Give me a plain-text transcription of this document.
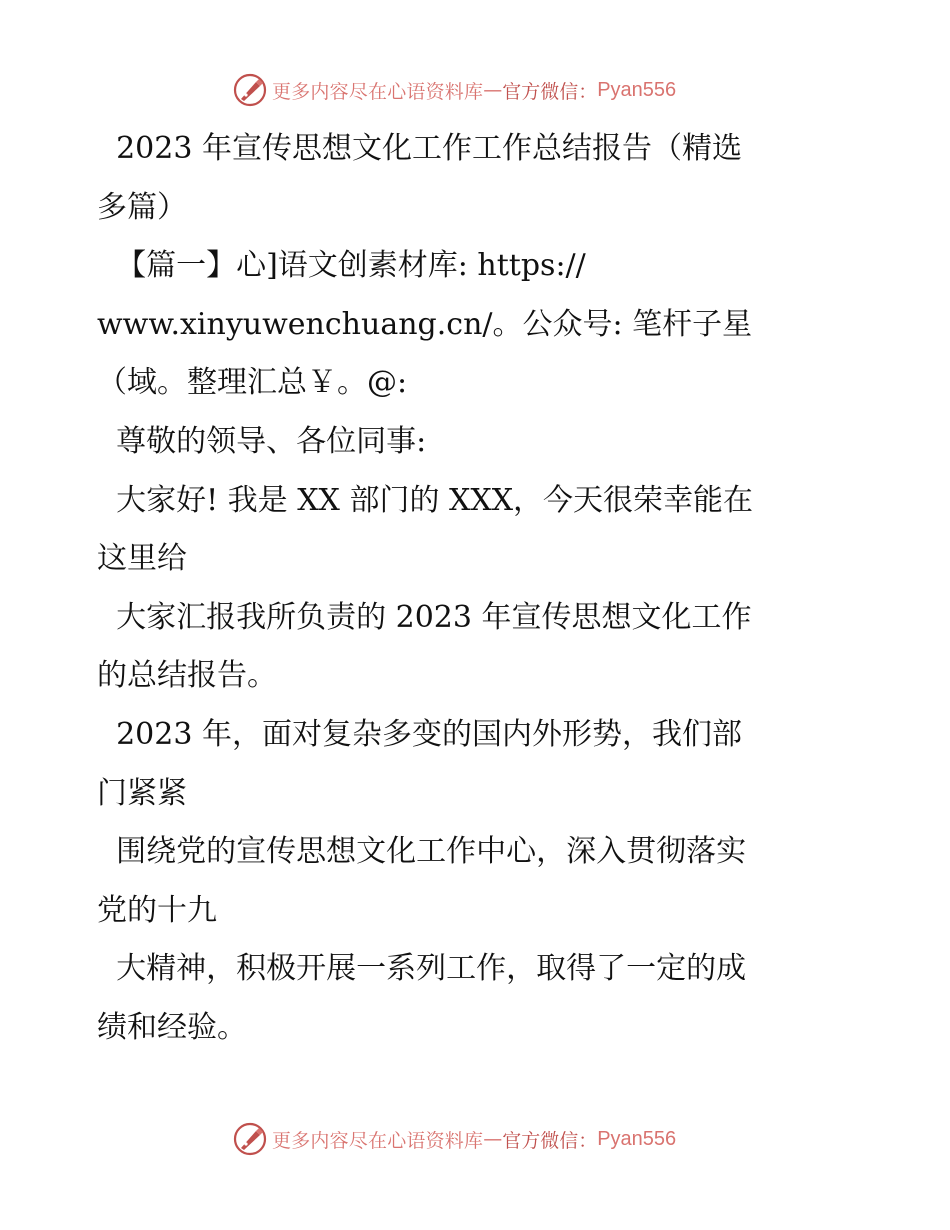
更多内容尽在心语资料库 — 官方微信： Pyan556

2023 年宣传思想文化工作工作总结报告（精选

多篇）

【篇一】心]语文创素材库: https://

www.xinyuwenchuang.cn/。公众号: 笔杆子星

（域。整理汇总￥。@:

尊敬的领导、各位同事:

大家好! 我是 XX 部门的 XXX，今天很荣幸能在

这里给

大家汇报我所负责的 2023 年宣传思想文化工作

的总结报告。

2023 年，面对复杂多变的国内外形势，我们部

门紧紧

围绕党的宣传思想文化工作中心，深入贯彻落实

党的十九

大精神，积极开展一系列工作，取得了一定的成

绩和经验。

更多内容尽在心语资料库 — 官方微信： Pyan556
